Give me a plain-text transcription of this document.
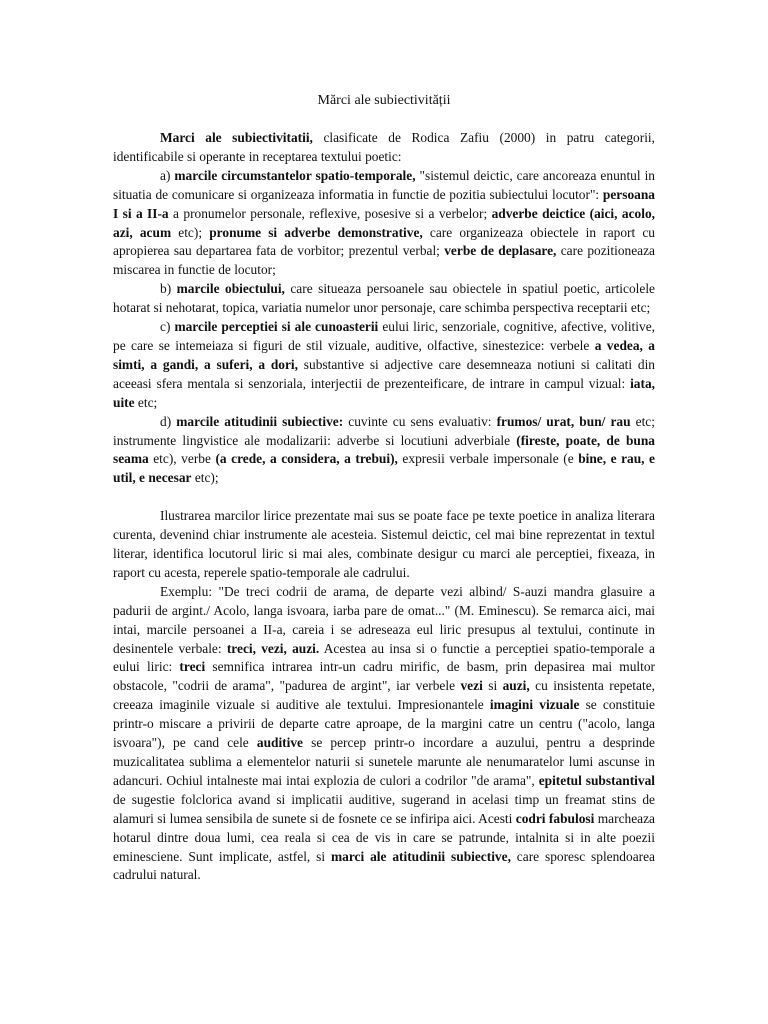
Mărci ale subiectivității

Marci ale subiectivitatii, clasificate de Rodica Zafiu (2000) in patru categorii, identificabile si operante in receptarea textului poetic:

a) marcile circumstantelor spatio-temporale, "sistemul deictic, care ancoreaza enuntul in situatia de comunicare si organizeaza informatia in functie de pozitia subiectului locutor": persoana I si a II-a a pronumelor personale, reflexive, posesive si a verbelor; adverbe deictice (aici, acolo, azi, acum etc); pronume si adverbe demonstrative, care organizeaza obiectele in raport cu apropierea sau departarea fata de vorbitor; prezentul verbal; verbe de deplasare, care pozitioneaza miscarea in functie de locutor;

b) marcile obiectului, care situeaza persoanele sau obiectele in spatiul poetic, articolele hotarat si nehotarat, topica, variatia numelor unor personaje, care schimba perspectiva receptarii etc;

c) marcile perceptiei si ale cunoasterii eului liric, senzoriale, cognitive, afective, volitive, pe care se intemeiaza si figuri de stil vizuale, auditive, olfactive, sinestezice: verbele a vedea, a simti, a gandi, a suferi, a dori, substantive si adjective care desemneaza notiuni si calitati din aceeasi sfera mentala si senzoriala, interjectii de prezenteificare, de intrare in campul vizual: iata, uite etc;

d) marcile atitudinii subiective: cuvinte cu sens evaluativ: frumos/ urat, bun/ rau etc; instrumente lingvistice ale modalizarii: adverbe si locutiuni adverbiale (fireste, poate, de buna seama etc), verbe (a crede, a considera, a trebui), expresii verbale impersonale (e bine, e rau, e util, e necesar etc);

Ilustrarea marcilor lirice prezentate mai sus se poate face pe texte poetice in analiza literara curenta, devenind chiar instrumente ale acesteia. Sistemul deictic, cel mai bine reprezentat in textul literar, identifica locutorul liric si mai ales, combinate desigur cu marci ale perceptiei, fixeaza, in raport cu acesta, reperele spatio-temporale ale cadrului.

Exemplu: "De treci codrii de arama, de departe vezi albind/ S-auzi mandra glasuire a padurii de argint./ Acolo, langa isvoara, iarba pare de omat..." (M. Eminescu). Se remarca aici, mai intai, marcile persoanei a II-a, careia i se adreseaza eul liric presupus al textului, continute in desinentele verbale: treci, vezi, auzi. Acestea au insa si o functie a perceptiei spatio-temporale a eului liric: treci semnifica intrarea intr-un cadru mirific, de basm, prin depasirea mai multor obstacole, "codrii de arama", "padurea de argint", iar verbele vezi si auzi, cu insistenta repetate, creeaza imaginile vizuale si auditive ale textului. Impresionantele imagini vizuale se constituie printr-o miscare a privirii de departe catre aproape, de la margini catre un centru ("acolo, langa isvoara"), pe cand cele auditive se percep printr-o incordare a auzului, pentru a desprinde muzicalitatea sublima a elementelor naturii si sunetele marunte ale nenumaratelor lumi ascunse in adancuri. Ochiul intalneste mai intai explozia de culori a codrilor "de arama", epitetul substantival de sugestie folclorica avand si implicatii auditive, sugerand in acelasi timp un freamat stins de alamuri si lumea sensibila de sunete si de fosnete ce se infiripa aici. Acesti codri fabulosi marcheaza hotarul dintre doua lumi, cea reala si cea de vis in care se patrunde, intalnita si in alte poezii eminesciene. Sunt implicate, astfel, si marci ale atitudinii subiective, care sporesc splendoarea cadrului natural.
